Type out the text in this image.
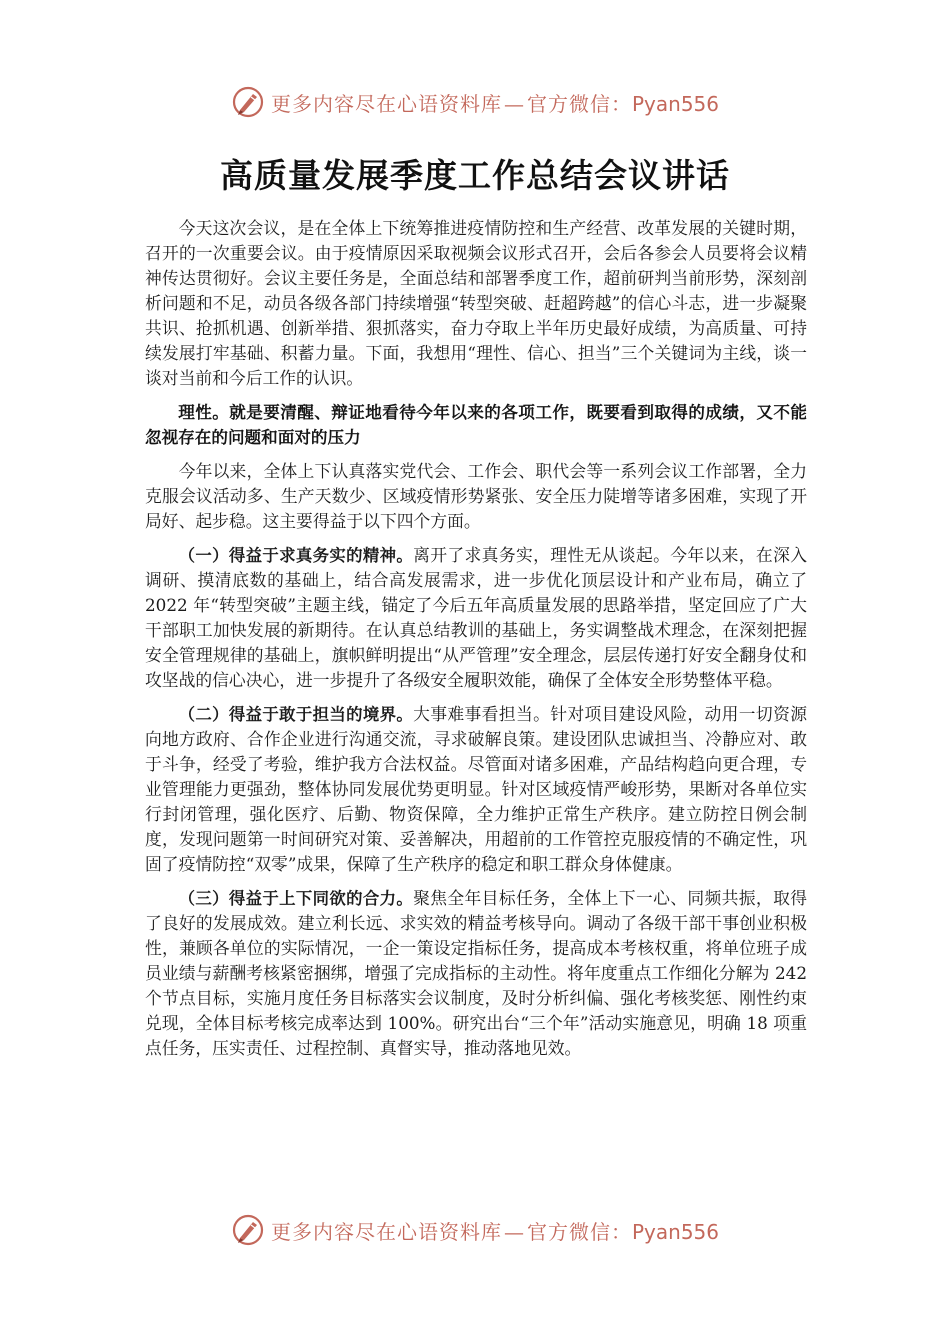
更多内容尽在心语资料库 — 官方微信：Pyan556
高质量发展季度工作总结会议讲话

今天这次会议，是在全体上下统筹推进疫情防控和生产经营、改革发展的关键时期，召开的一次重要会议。由于疫情原因采取视频会议形式召开，会后各参会人员要将会议精神传达贯彻好。会议主要任务是，全面总结和部署季度工作，超前研判当前形势，深刻剖析问题和不足，动员各级各部门持续增强“转型突破、赶超跨越”的信心斗志，进一步凝聚共识、抢抓机遇、创新举措、狠抓落实，奋力夺取上半年历史最好成绩，为高质量、可持续发展打牢基础、积蓄力量。下面，我想用“理性、信心、担当”三个关键词为主线，谈一谈对当前和今后工作的认识。

理性。就是要清醒、辩证地看待今年以来的各项工作，既要看到取得的成绩，又不能忽视存在的问题和面对的压力

今年以来，全体上下认真落实党代会、工作会、职代会等一系列会议工作部署，全力克服会议活动多、生产天数少、区域疫情形势紧张、安全压力陡增等诸多困难，实现了开局好、起步稳。这主要得益于以下四个方面。

（一）得益于求真务实的精神。离开了求真务实，理性无从谈起。今年以来，在深入调研、摸清底数的基础上，结合高发展需求，进一步优化顶层设计和产业布局，确立了 2022 年“转型突破”主题主线，锚定了今后五年高质量发展的思路举措，坚定回应了广大干部职工加快发展的新期待。在认真总结教训的基础上，务实调整战术理念，在深刻把握安全管理规律的基础上，旗帜鲜明提出“从严管理”安全理念，层层传递打好安全翻身仗和攻坚战的信心决心，进一步提升了各级安全履职效能，确保了全体安全形势整体平稳。

（二）得益于敢于担当的境界。大事难事看担当。针对项目建设风险，动用一切资源向地方政府、合作企业进行沟通交流，寻求破解良策。建设团队忠诚担当、冷静应对、敢于斗争，经受了考验，维护我方合法权益。尽管面对诸多困难，产品结构趋向更合理，专业管理能力更强劲，整体协同发展优势更明显。针对区域疫情严峻形势，果断对各单位实行封闭管理，强化医疗、后勤、物资保障，全力维护正常生产秩序。建立防控日例会制度，发现问题第一时间研究对策、妥善解决，用超前的工作管控克服疫情的不确定性，巩固了疫情防控“双零”成果，保障了生产秩序的稳定和职工群众身体健康。

（三）得益于上下同欲的合力。聚焦全年目标任务，全体上下一心、同频共振，取得了良好的发展成效。建立利长远、求实效的精益考核导向。调动了各级干部干事创业积极性，兼顾各单位的实际情况，一企一策设定指标任务，提高成本考核权重，将单位班子成员业绩与薪酬考核紧密捆绑，增强了完成指标的主动性。将年度重点工作细化分解为 242 个节点目标，实施月度任务目标落实会议制度，及时分析纠偏、强化考核奖惩、刚性约束兑现，全体目标考核完成率达到 100%。研究出台“三个年”活动实施意见，明确 18 项重点任务，压实责任、过程控制、真督实导，推动落地见效。

更多内容尽在心语资料库 — 官方微信：Pyan556
